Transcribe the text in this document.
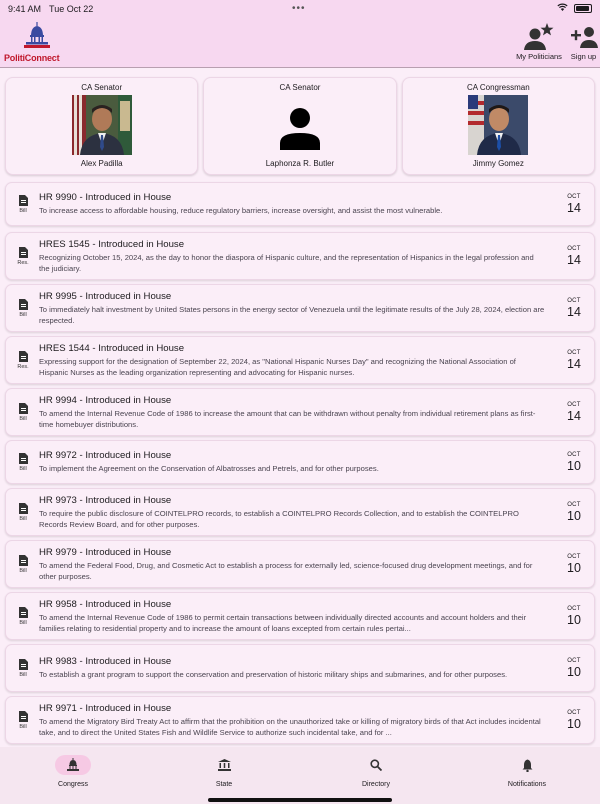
9:41 AM Tue Oct 22	•••
PolitiConnect	My Politicians	Sign up
CA Senator
Alex Padilla
CA Senator
Laphonza R. Butler
CA Congressman
Jimmy Gomez
Bill
HR 9990 - Introduced in House
To increase access to affordable housing, reduce regulatory barriers, increase oversight, and assist the most vulnerable.
OCT
14
Res.
HRES 1545 - Introduced in House
Recognizing October 15, 2024, as the day to honor the diaspora of Hispanic culture, and the representation of Hispanics in the legal profession and the judiciary.
OCT
14
Bill
HR 9995 - Introduced in House
To immediately halt investment by United States persons in the energy sector of Venezuela until the legitimate results of the July 28, 2024, election are respected.
OCT
14
Res.
HRES 1544 - Introduced in House
Expressing support for the designation of September 22, 2024, as "National Hispanic Nurses Day" and recognizing the National Association of Hispanic Nurses as the leading organization representing and advocating for Hispanic nurses.
OCT
14
Bill
HR 9994 - Introduced in House
To amend the Internal Revenue Code of 1986 to increase the amount that can be withdrawn without penalty from individual retirement plans as first-time homebuyer distributions.
OCT
14
Bill
HR 9972 - Introduced in House
To implement the Agreement on the Conservation of Albatrosses and Petrels, and for other purposes.
OCT
10
Bill
HR 9973 - Introduced in House
To require the public disclosure of COINTELPRO records, to establish a COINTELPRO Records Collection, and to establish the COINTELPRO Records Review Board, and for other purposes.
OCT
10
Bill
HR 9979 - Introduced in House
To amend the Federal Food, Drug, and Cosmetic Act to establish a process for externally led, science-focused drug development meetings, and for other purposes.
OCT
10
Bill
HR 9958 - Introduced in House
To amend the Internal Revenue Code of 1986 to permit certain transactions between individually directed accounts and account holders and their families relating to residential property and to increase the amount of loans excepted from certain rules pertai...
OCT
10
Bill
HR 9983 - Introduced in House
To establish a grant program to support the conservation and preservation of historic military ships and submarines, and for other purposes.
OCT
10
Bill
HR 9971 - Introduced in House
To amend the Migratory Bird Treaty Act to affirm that the prohibition on the unauthorized take or killing of migratory birds of that Act includes incidental take, and to direct the United States Fish and Wildlife Service to authorize such incidental take, and for ...
OCT
10
Congress	State	Directory	Notifications
